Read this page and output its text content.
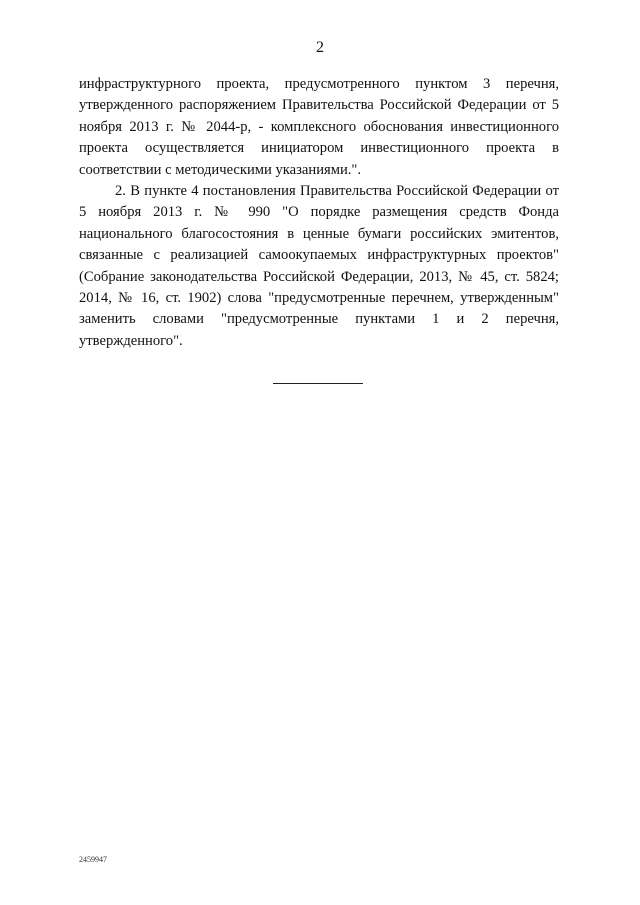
2

инфраструктурного проекта, предусмотренного пунктом 3 перечня, утвержденного распоряжением Правительства Российской Федерации от 5 ноября 2013 г. № 2044-р, - комплексного обоснования инвестиционного проекта осуществляется инициатором инвестиционного проекта в соответствии с методическими указаниями.".

2. В пункте 4 постановления Правительства Российской Федерации от 5 ноября 2013 г. № 990 "О порядке размещения средств Фонда национального благосостояния в ценные бумаги российских эмитентов, связанные с реализацией самоокупаемых инфраструктурных проектов" (Собрание законодательства Российской Федерации, 2013, № 45, ст. 5824; 2014, № 16, ст. 1902) слова "предусмотренные перечнем, утвержденным" заменить словами "предусмотренные пунктами 1 и 2 перечня, утвержденного".

2459947
